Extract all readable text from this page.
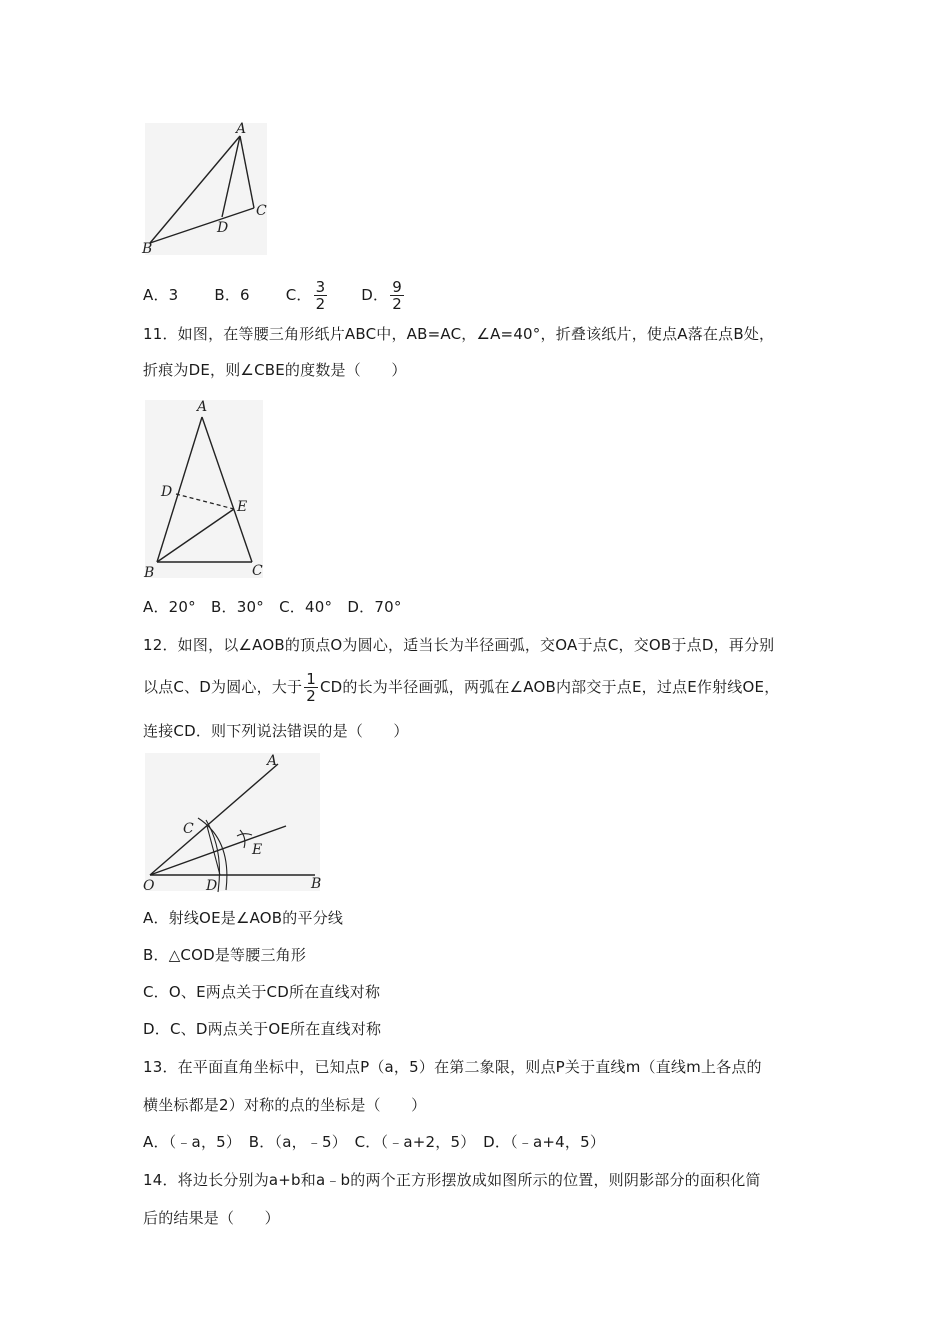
A
B
C
D
A．3 B．6 C． $\frac{3}{2}$ D． $\frac{9}{2}$
11．如图，在等腰三角形纸片ABC中，AB=AC，∠A=40°，折叠该纸片，使点A落在点B处，
折痕为DE，则∠CBE的度数是（　　）
A
B	C
D
E
A．20°　B．30°　C．40°　D．70°
12．如图，以∠AOB的顶点O为圆心，适当长为半径画弧，交OA于点C，交OB于点D，再分别
以点C、D为圆心，大于 $\frac{1}{2}$ CD的长为半径画弧，两弧在∠AOB内部交于点E，过点E作射线OE，
连接CD．则下列说法错误的是（　　）
A
B
C
D
E
O
A．射线OE是∠AOB的平分线
B．△COD是等腰三角形
C．O、E两点关于CD所在直线对称
D．C、D两点关于OE所在直线对称
13．在平面直角坐标中，已知点P（a，5）在第二象限，则点P关于直线m（直线m上各点的
横坐标都是2）对称的点的坐标是（　　）
A．（﹣a，5）　B．（a，﹣5）　C．（﹣a+2，5）　D．（﹣a+4，5）
14．将边长分别为a+b和a﹣b的两个正方形摆放成如图所示的位置，则阴影部分的面积化简
后的结果是（　　）
